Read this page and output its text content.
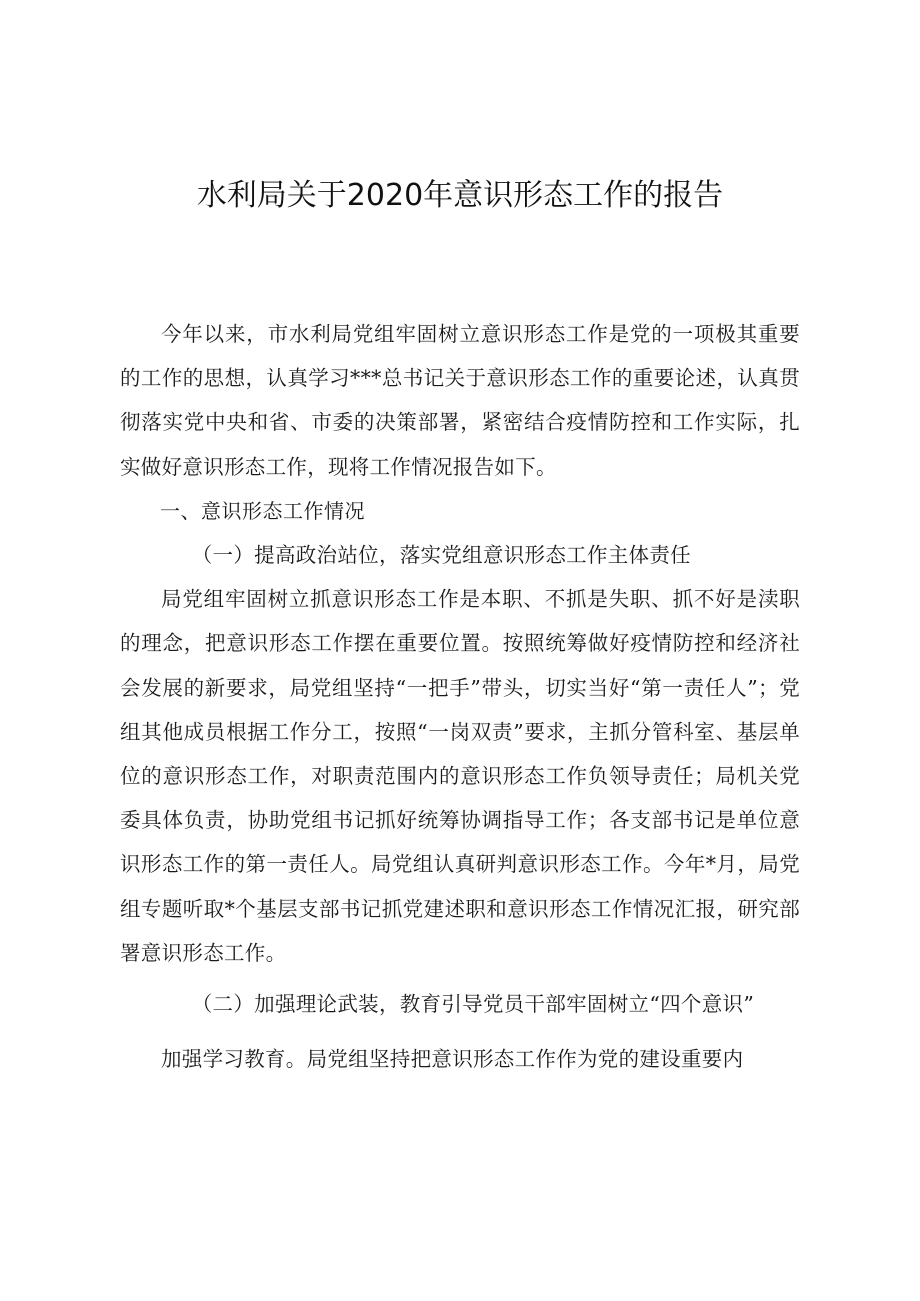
水利局关于2020年意识形态工作的报告

今年以来，市水利局党组牢固树立意识形态工作是党的一项极其重要的工作的思想，认真学习***总书记关于意识形态工作的重要论述，认真贯彻落实党中央和省、市委的决策部署，紧密结合疫情防控和工作实际，扎实做好意识形态工作，现将工作情况报告如下。

一、意识形态工作情况

（一）提高政治站位，落实党组意识形态工作主体责任

局党组牢固树立抓意识形态工作是本职、不抓是失职、抓不好是渎职的理念，把意识形态工作摆在重要位置。按照统筹做好疫情防控和经济社会发展的新要求，局党组坚持“一把手”带头，切实当好“第一责任人”；党组其他成员根据工作分工，按照“一岗双责”要求，主抓分管科室、基层单位的意识形态工作，对职责范围内的意识形态工作负领导责任；局机关党委具体负责，协助党组书记抓好统筹协调指导工作；各支部书记是单位意识形态工作的第一责任人。局党组认真研判意识形态工作。今年*月，局党组专题听取*个基层支部书记抓党建述职和意识形态工作情况汇报，研究部署意识形态工作。

（二）加强理论武装，教育引导党员干部牢固树立“四个意识”

加强学习教育。局党组坚持把意识形态工作作为党的建设重要内
